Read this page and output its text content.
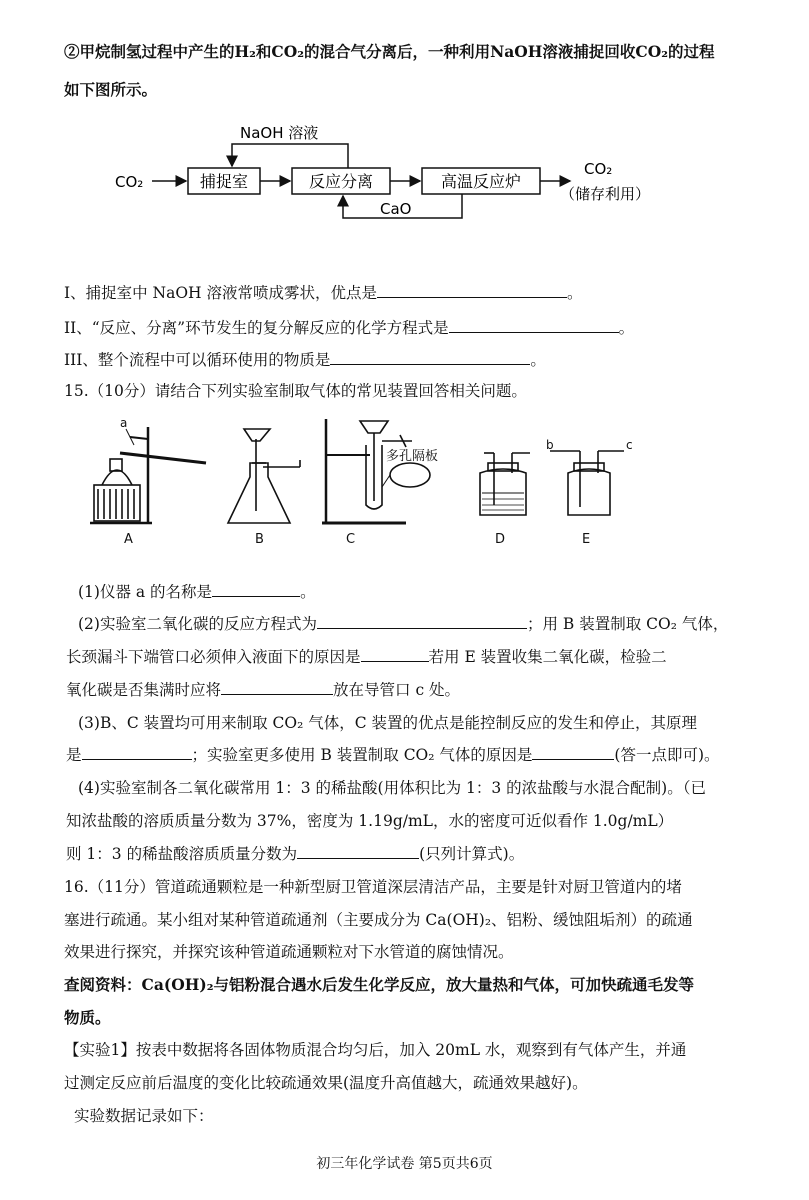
②甲烷制氢过程中产生的H₂和CO₂的混合气分离后，一种利用NaOH溶液捕捉回收CO₂的过程
如下图所示。
CO₂	捕捉室	反应分离	高温反应炉
NaOH 溶液
CaO
CO₂
（储存利用）
I、捕捉室中 NaOH 溶液常喷成雾状，优点是	。
II、“反应、分离”环节发生的复分解反应的化学方程式是	。
III、整个流程中可以循环使用的物质是	。
15.（10分）请结合下列实验室制取气体的常见装置回答相关问题。
a
多孔隔板
b	c
A	B	C	D	E
(1)仪器 a 的名称是	。
(2)实验室二氧化碳的反应方程式为	；用 B 装置制取 CO₂ 气体，
长颈漏斗下端管口必须伸入液面下的原因是	若用 E 装置收集二氧化碳，检验二
氧化碳是否集满时应将	放在导管口 c 处。
(3)B、C 装置均可用来制取 CO₂ 气体，C 装置的优点是能控制反应的发生和停止，其原理
是	；实验室更多使用 B 装置制取 CO₂ 气体的原因是	(答一点即可)。
(4)实验室制各二氧化碳常用 1：3 的稀盐酸(用体积比为 1：3 的浓盐酸与水混合配制)。（已
知浓盐酸的溶质质量分数为 37%，密度为 1.19g/mL，水的密度可近似看作 1.0g/mL）
则 1：3 的稀盐酸溶质质量分数为	(只列计算式)。
16.（11分）管道疏通颗粒是一种新型厨卫管道深层清洁产品，主要是针对厨卫管道内的堵
塞进行疏通。某小组对某种管道疏通剂（主要成分为 Ca(OH)₂、铝粉、缓蚀阻垢剂）的疏通
效果进行探究，并探究该种管道疏通颗粒对下水管道的腐蚀情况。
查阅资料：Ca(OH)₂与铝粉混合遇水后发生化学反应，放大量热和气体，可加快疏通毛发等
物质。
【实验1】按表中数据将各固体物质混合均匀后，加入 20mL 水，观察到有气体产生，并通
过测定反应前后温度的变化比较疏通效果(温度升高值越大，疏通效果越好)。
实验数据记录如下：
初三年化学试卷 第5页共6页
